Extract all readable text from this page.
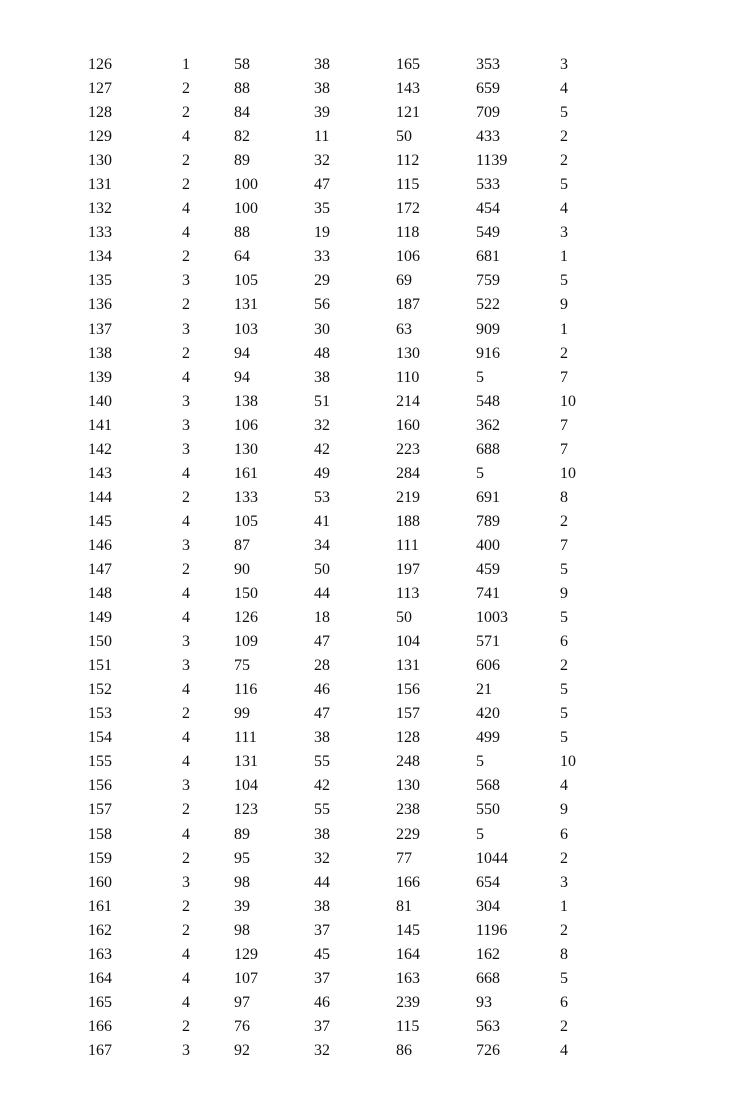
126	1	58	38	165	353	3
127	2	88	38	143	659	4
128	2	84	39	121	709	5
129	4	82	11	50	433	2
130	2	89	32	112	1139	2
131	2	100	47	115	533	5
132	4	100	35	172	454	4
133	4	88	19	118	549	3
134	2	64	33	106	681	1
135	3	105	29	69	759	5
136	2	131	56	187	522	9
137	3	103	30	63	909	1
138	2	94	48	130	916	2
139	4	94	38	110	5	7
140	3	138	51	214	548	10
141	3	106	32	160	362	7
142	3	130	42	223	688	7
143	4	161	49	284	5	10
144	2	133	53	219	691	8
145	4	105	41	188	789	2
146	3	87	34	111	400	7
147	2	90	50	197	459	5
148	4	150	44	113	741	9
149	4	126	18	50	1003	5
150	3	109	47	104	571	6
151	3	75	28	131	606	2
152	4	116	46	156	21	5
153	2	99	47	157	420	5
154	4	111	38	128	499	5
155	4	131	55	248	5	10
156	3	104	42	130	568	4
157	2	123	55	238	550	9
158	4	89	38	229	5	6
159	2	95	32	77	1044	2
160	3	98	44	166	654	3
161	2	39	38	81	304	1
162	2	98	37	145	1196	2
163	4	129	45	164	162	8
164	4	107	37	163	668	5
165	4	97	46	239	93	6
166	2	76	37	115	563	2
167	3	92	32	86	726	4
